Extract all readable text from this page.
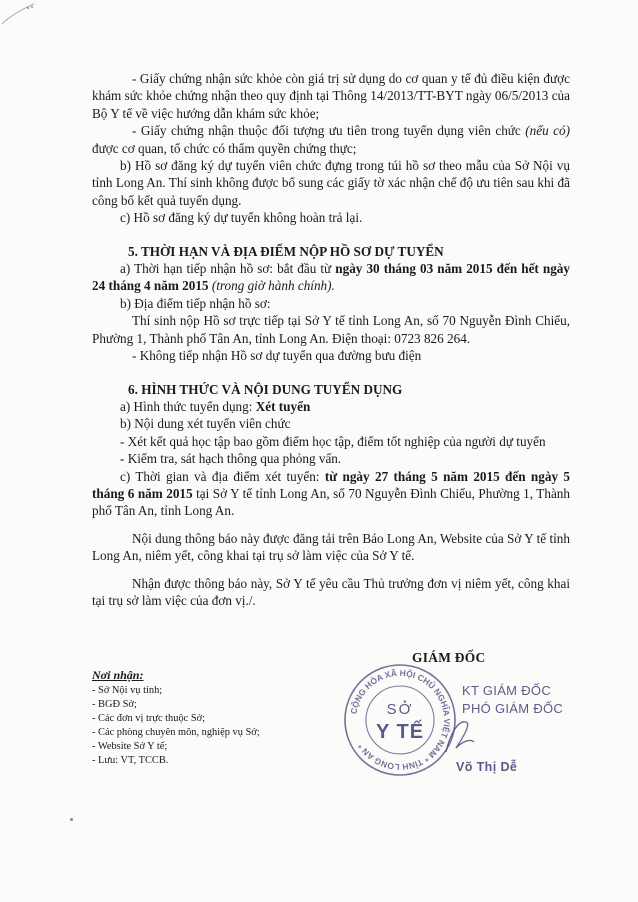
- Giấy chứng nhận sức khỏe còn giá trị sử dụng do cơ quan y tế đủ điều kiện được khám sức khỏe chứng nhận theo quy định tại Thông 14/2013/TT-BYT ngày 06/5/2013 của Bộ Y tế về việc hướng dẫn khám sức khỏe;

- Giấy chứng nhận thuộc đối tượng ưu tiên trong tuyển dụng viên chức (nếu có) được cơ quan, tổ chức có thẩm quyền chứng thực;

b) Hồ sơ đăng ký dự tuyển viên chức đựng trong túi hồ sơ theo mẫu của Sở Nội vụ tỉnh Long An. Thí sinh không được bổ sung các giấy tờ xác nhận chế độ ưu tiên sau khi đã công bố kết quả tuyển dụng.

c) Hồ sơ đăng ký dự tuyển không hoàn trả lại.

5. THỜI HẠN VÀ ĐỊA ĐIỂM NỘP HỒ SƠ DỰ TUYỂN

a) Thời hạn tiếp nhận hồ sơ: bắt đầu từ ngày 30 tháng 03 năm 2015 đến hết ngày 24 tháng 4 năm 2015 (trong giờ hành chính).

b) Địa điểm tiếp nhận hồ sơ:

Thí sinh nộp Hồ sơ trực tiếp tại Sở Y tế tỉnh Long An, số 70 Nguyễn Đình Chiểu, Phường 1, Thành phố Tân An, tỉnh Long An. Điện thoại: 0723 826 264.

- Không tiếp nhận Hồ sơ dự tuyển qua đường bưu điện

6. HÌNH THỨC VÀ NỘI DUNG TUYỂN DỤNG

a) Hình thức tuyển dụng: Xét tuyển

b) Nội dung xét tuyển viên chức

- Xét kết quả học tập bao gồm điểm học tập, điểm tốt nghiệp của người dự tuyển

- Kiểm tra, sát hạch thông qua phỏng vấn.

c) Thời gian và địa điểm xét tuyển: từ ngày 27 tháng 5 năm 2015 đến ngày 5 tháng 6 năm 2015 tại Sở Y tế tỉnh Long An, số 70 Nguyễn Đình Chiểu, Phường 1, Thành phố Tân An, tỉnh Long An.

Nội dung thông báo này được đăng tải trên Báo Long An, Website của Sở Y tế tỉnh Long An, niêm yết, công khai tại trụ sở làm việc của Sở Y tế.

Nhận được thông báo này, Sở Y tế yêu cầu Thủ trưởng đơn vị niêm yết, công khai tại trụ sở làm việc của đơn vị./.

Nơi nhận:
- Sở Nội vụ tỉnh;
- BGĐ Sở;
- Các đơn vị trực thuộc Sở;
- Các phòng chuyên môn, nghiệp vụ Sở;
- Website Sở Y tế;
- Lưu: VT, TCCB.
GIÁM ĐỐC
CỘNG HÒA XÃ HỘI CHỦ NGHĨA VIỆT NAM * TỈNH LONG AN *
SỞ
Y TẾ
KT GIÁM ĐỐC
PHÓ GIÁM ĐỐC
Võ Thị Dễ
